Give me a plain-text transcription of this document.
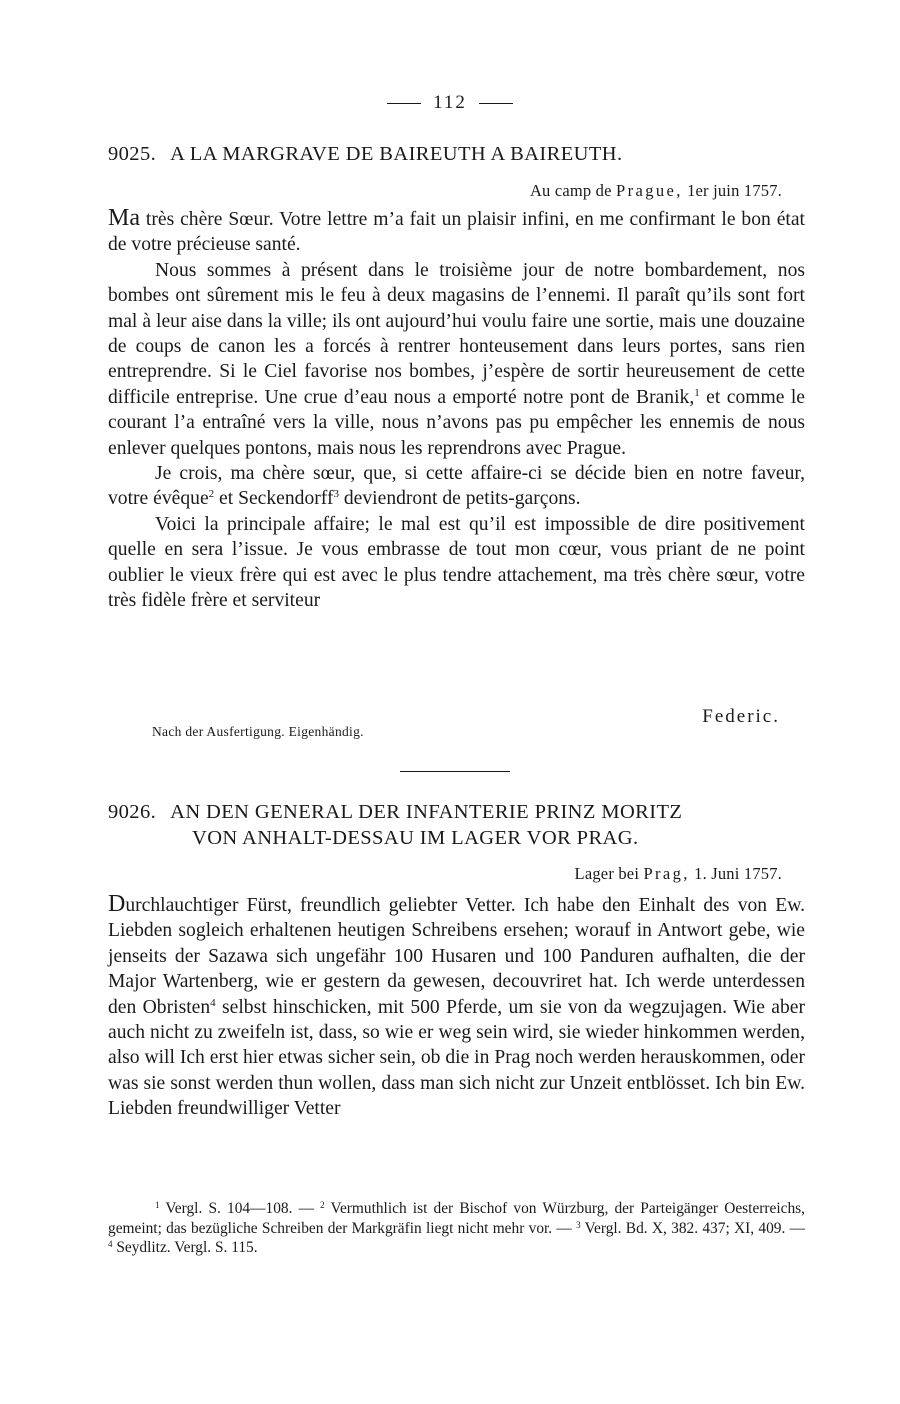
112
9025. A LA MARGRAVE DE BAIREUTH A BAIREUTH.
Au camp de Prague, 1er juin 1757.

Ma très chère Sœur. Votre lettre m’a fait un plaisir infini, en me confirmant le bon état de votre précieuse santé.

Nous sommes à présent dans le troisième jour de notre bombardement, nos bombes ont sûrement mis le feu à deux magasins de l’ennemi. Il paraît qu’ils sont fort mal à leur aise dans la ville; ils ont aujourd’hui voulu faire une sortie, mais une douzaine de coups de canon les a forcés à rentrer honteusement dans leurs portes, sans rien entreprendre. Si le Ciel favorise nos bombes, j’espère de sortir heureusement de cette difficile entreprise. Une crue d’eau nous a emporté notre pont de Branik,$^1$ et comme le courant l’a entraîné vers la ville, nous n’avons pas pu empêcher les ennemis de nous enlever quelques pontons, mais nous les reprendrons avec Prague.

Je crois, ma chère sœur, que, si cette affaire-ci se décide bien en notre faveur, votre évêque$^2$ et Seckendorff$^3$ deviendront de petits-garçons.

Voici la principale affaire; le mal est qu’il est impossible de dire positivement quelle en sera l’issue. Je vous embrasse de tout mon cœur, vous priant de ne point oublier le vieux frère qui est avec le plus tendre attachement, ma très chère sœur, votre très fidèle frère et serviteur

Federic.
Nach der Ausfertigung. Eigenhändig.
9026. AN DEN GENERAL DER INFANTERIE PRINZ MORITZ
VON ANHALT-DESSAU IM LAGER VOR PRAG.
Lager bei Prag, 1. Juni 1757.

Durchlauchtiger Fürst, freundlich geliebter Vetter. Ich habe den Einhalt des von Ew. Liebden sogleich erhaltenen heutigen Schreibens ersehen; worauf in Antwort gebe, wie jenseits der Sazawa sich ungefähr 100 Husaren und 100 Panduren aufhalten, die der Major Wartenberg, wie er gestern da gewesen, decouvriret hat. Ich werde unterdessen den Obristen$^4$ selbst hinschicken, mit 500 Pferde, um sie von da wegzujagen. Wie aber auch nicht zu zweifeln ist, dass, so wie er weg sein wird, sie wieder hinkommen werden, also will Ich erst hier etwas sicher sein, ob die in Prag noch werden herauskommen, oder was sie sonst werden thun wollen, dass man sich nicht zur Unzeit entblösset. Ich bin Ew. Liebden freundwilliger Vetter

$^1$ Vergl. S. 104—108. — $^2$ Vermuthlich ist der Bischof von Würzburg, der Parteigänger Oesterreichs, gemeint; das bezügliche Schreiben der Markgräfin liegt nicht mehr vor. — $^3$ Vergl. Bd. X, 382. 437; XI, 409. — $^4$ Seydlitz. Vergl. S. 115.
